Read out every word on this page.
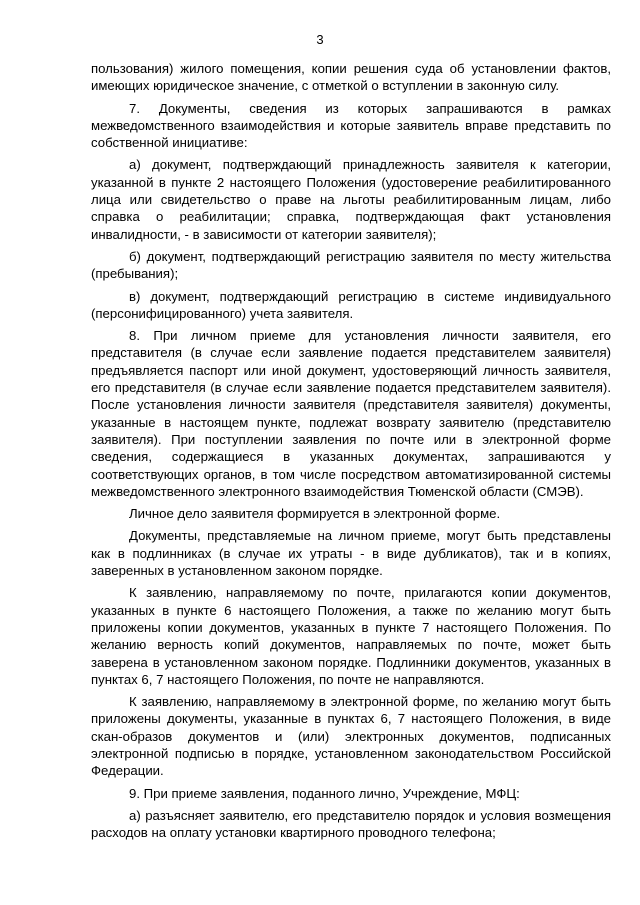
3

пользования) жилого помещения, копии решения суда об установлении фактов, имеющих юридическое значение, с отметкой о вступлении в законную силу.

7. Документы, сведения из которых запрашиваются в рамках межведомственного взаимодействия и которые заявитель вправе представить по собственной инициативе:

а) документ, подтверждающий принадлежность заявителя к категории, указанной в пункте 2 настоящего Положения (удостоверение реабилитированного лица или свидетельство о праве на льготы реабилитированным лицам, либо справка о реабилитации; справка, подтверждающая факт установления инвалидности, - в зависимости от категории заявителя);

б) документ, подтверждающий регистрацию заявителя по месту жительства (пребывания);

в) документ, подтверждающий регистрацию в системе индивидуального (персонифицированного) учета заявителя.

8. При личном приеме для установления личности заявителя, его представителя (в случае если заявление подается представителем заявителя) предъявляется паспорт или иной документ, удостоверяющий личность заявителя, его представителя (в случае если заявление подается представителем заявителя). После установления личности заявителя (представителя заявителя) документы, указанные в настоящем пункте, подлежат возврату заявителю (представителю заявителя). При поступлении заявления по почте или в электронной форме сведения, содержащиеся в указанных документах, запрашиваются у соответствующих органов, в том числе посредством автоматизированной системы межведомственного электронного взаимодействия Тюменской области (СМЭВ).

Личное дело заявителя формируется в электронной форме.

Документы, представляемые на личном приеме, могут быть представлены как в подлинниках (в случае их утраты - в виде дубликатов), так и в копиях, заверенных в установленном законом порядке.

К заявлению, направляемому по почте, прилагаются копии документов, указанных в пункте 6 настоящего Положения, а также по желанию могут быть приложены копии документов, указанных в пункте 7 настоящего Положения. По желанию верность копий документов, направляемых по почте, может быть заверена в установленном законом порядке. Подлинники документов, указанных в пунктах 6, 7 настоящего Положения, по почте не направляются.

К заявлению, направляемому в электронной форме, по желанию могут быть приложены документы, указанные в пунктах 6, 7 настоящего Положения, в виде скан-образов документов и (или) электронных документов, подписанных электронной подписью в порядке, установленном законодательством Российской Федерации.

9. При приеме заявления, поданного лично, Учреждение, МФЦ:

а) разъясняет заявителю, его представителю порядок и условия возмещения расходов на оплату установки квартирного проводного телефона;
